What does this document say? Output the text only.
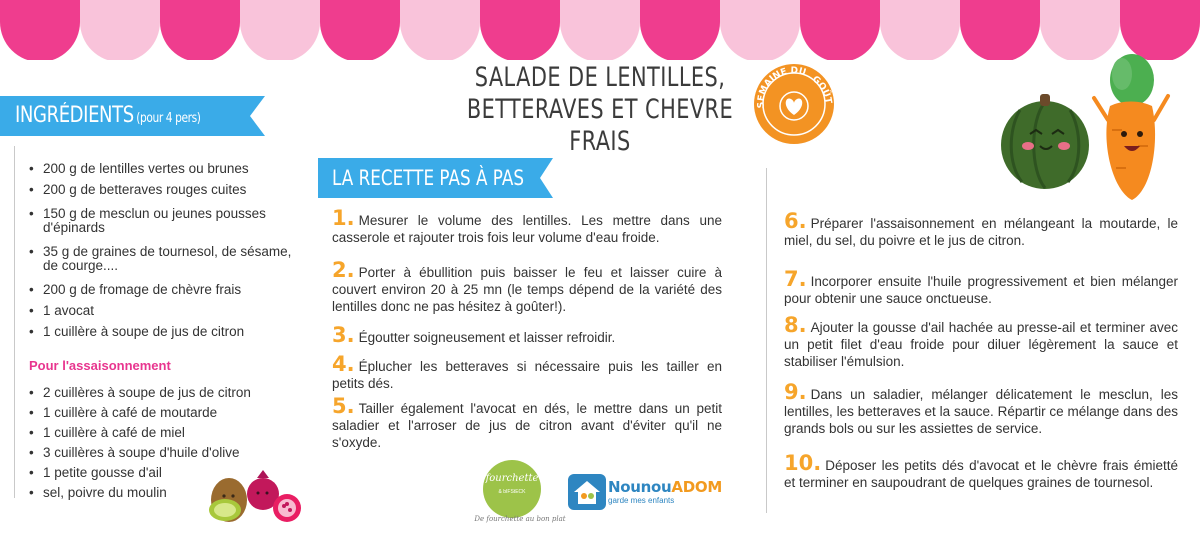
SALADE DE LENTILLES,
BETTERAVES ET CHEVRE FRAIS
SEMAINE DU
GOÛT
INGRÉDIENTS (pour 4 pers)
• 200 g de lentilles vertes ou brunes
• 200 g de betteraves rouges cuites
• 150 g de mesclun ou jeunes pousses d'épinards
• 35 g de graines de tournesol, de sésame, de courge....
• 200 g de fromage de chèvre frais
• 1 avocat
• 1 cuillère à soupe de jus de citron
Pour l'assaisonnement
• 2 cuillères à soupe de jus de citron
• 1 cuillère à café de moutarde
• 1 cuillère à café de miel
• 3 cuillères à soupe d'huile d'olive
• 1 petite gousse d'ail
• sel, poivre du moulin
LA RECETTE PAS À PAS

1. Mesurer le volume des lentilles. Les mettre dans une casserole et rajouter trois fois leur volume d'eau froide.

2. Porter à ébullition puis baisser le feu et laisser cuire à couvert environ 20 à 25 mn (le temps dépend de la variété des lentilles donc ne pas hésitez à goûter!).

3. Égoutter soigneusement et laisser refroidir.

4. Éplucher les betteraves si nécessaire puis les tailler en petits dés.

5. Tailler également l'avocat en dés, le mettre dans un petit saladier et l'arroser de jus de citron avant d'éviter qu'il ne s'oxyde.

6. Préparer l'assaisonnement en mélangeant la moutarde, le miel, du sel, du poivre et le jus de citron.

7. Incorporer ensuite l'huile progressivement et bien mélanger pour obtenir une sauce onctueuse.

8. Ajouter la gousse d'ail hachée au presse-ail et terminer avec un petit filet d'eau froide pour diluer légèrement la sauce et stabiliser l'émulsion.

9. Dans un saladier, mélanger délicatement le mesclun, les lentilles, les betteraves et la sauce. Répartir ce mélange dans des grands bols ou sur les assiettes de service.

10. Déposer les petits dés d'avocat et le chèvre frais émietté et terminer en saupoudrant de quelques graines de tournesol.

fourchette
& bIFStECK
De fourchette au bon plat
NounouADOM
garde mes enfants
